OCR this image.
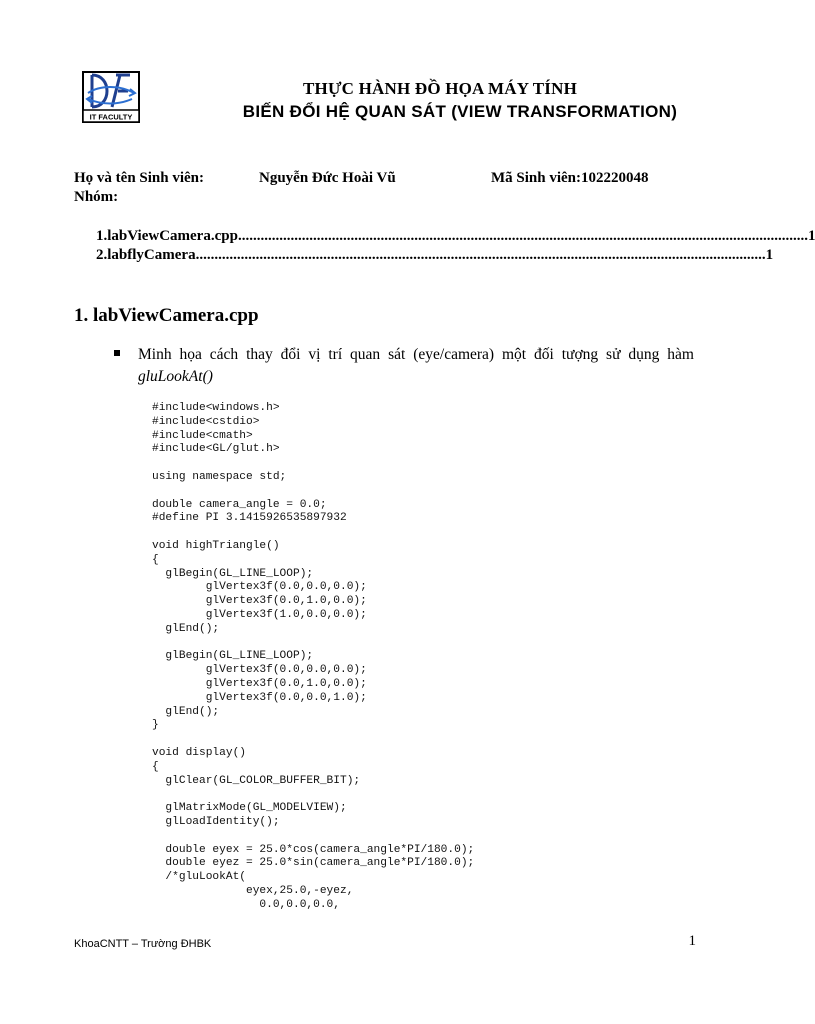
IT FACULTY
THỰC HÀNH ĐỒ HỌA MÁY TÍNH
BIẾN ĐỔI HỆ QUAN SÁT (VIEW TRANSFORMATION)
Họ và tên Sinh viên:	Nguyễn Đức Hoài Vũ	Mã Sinh viên:102220048
Nhóm:
1. labViewCamera.cpp ........................................................................................................................................................ 1
2. labflyCamera ........................................................................................................................................................ 1
1. labViewCamera.cpp
Minh họa cách thay đổi vị trí quan sát (eye/camera) một đối tượng sử dụng hàm gluLookAt()
#include<windows.h>
#include<cstdio>
#include<cmath>
#include<GL/glut.h>

using namespace std;

double camera_angle = 0.0;
#define PI 3.1415926535897932

void highTriangle()
{
glBegin(GL_LINE_LOOP);
glVertex3f(0.0,0.0,0.0);
glVertex3f(0.0,1.0,0.0);
glVertex3f(1.0,0.0,0.0);
glEnd();

glBegin(GL_LINE_LOOP);
glVertex3f(0.0,0.0,0.0);
glVertex3f(0.0,1.0,0.0);
glVertex3f(0.0,0.0,1.0);
glEnd();
}

void display()
{
glClear(GL_COLOR_BUFFER_BIT);

glMatrixMode(GL_MODELVIEW);
glLoadIdentity();

double eyex = 25.0*cos(camera_angle*PI/180.0);
double eyez = 25.0*sin(camera_angle*PI/180.0);
/*gluLookAt(
eyex,25.0,-eyez,
0.0,0.0,0.0,
KhoaCNTT – Trường ĐHBK	1
